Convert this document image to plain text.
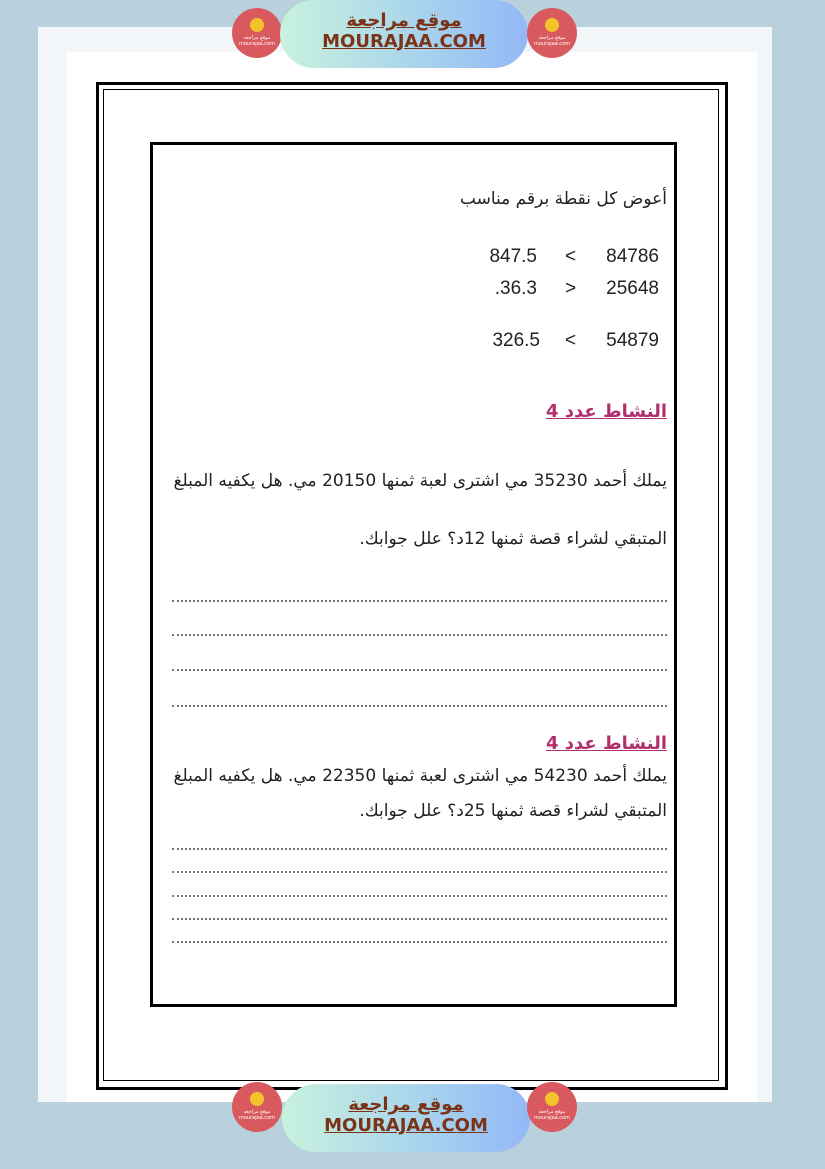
موقع مراجعة mourajaa.com
موقع مراجعة
MOURAJAA.COM	موقع مراجعة mourajaa.com
أعوض كل نقطة برقم مناسب
84786
<
847.5
25648
>
.36.3
54879
<
326.5
النشاط عدد 4
يملك أحمد 35230 مي اشترى لعبة ثمنها 20150 مي. هل يكفيه المبلغ
المتبقي لشراء قصة ثمنها 12د؟ علل جوابك.
النشاط عدد 4
يملك أحمد 54230 مي اشترى لعبة ثمنها 22350 مي. هل يكفيه المبلغ
المتبقي لشراء قصة ثمنها 25د؟ علل جوابك.
موقع مراجعة mourajaa.com
موقع مراجعة
MOURAJAA.COM
موقع مراجعة mourajaa.com
